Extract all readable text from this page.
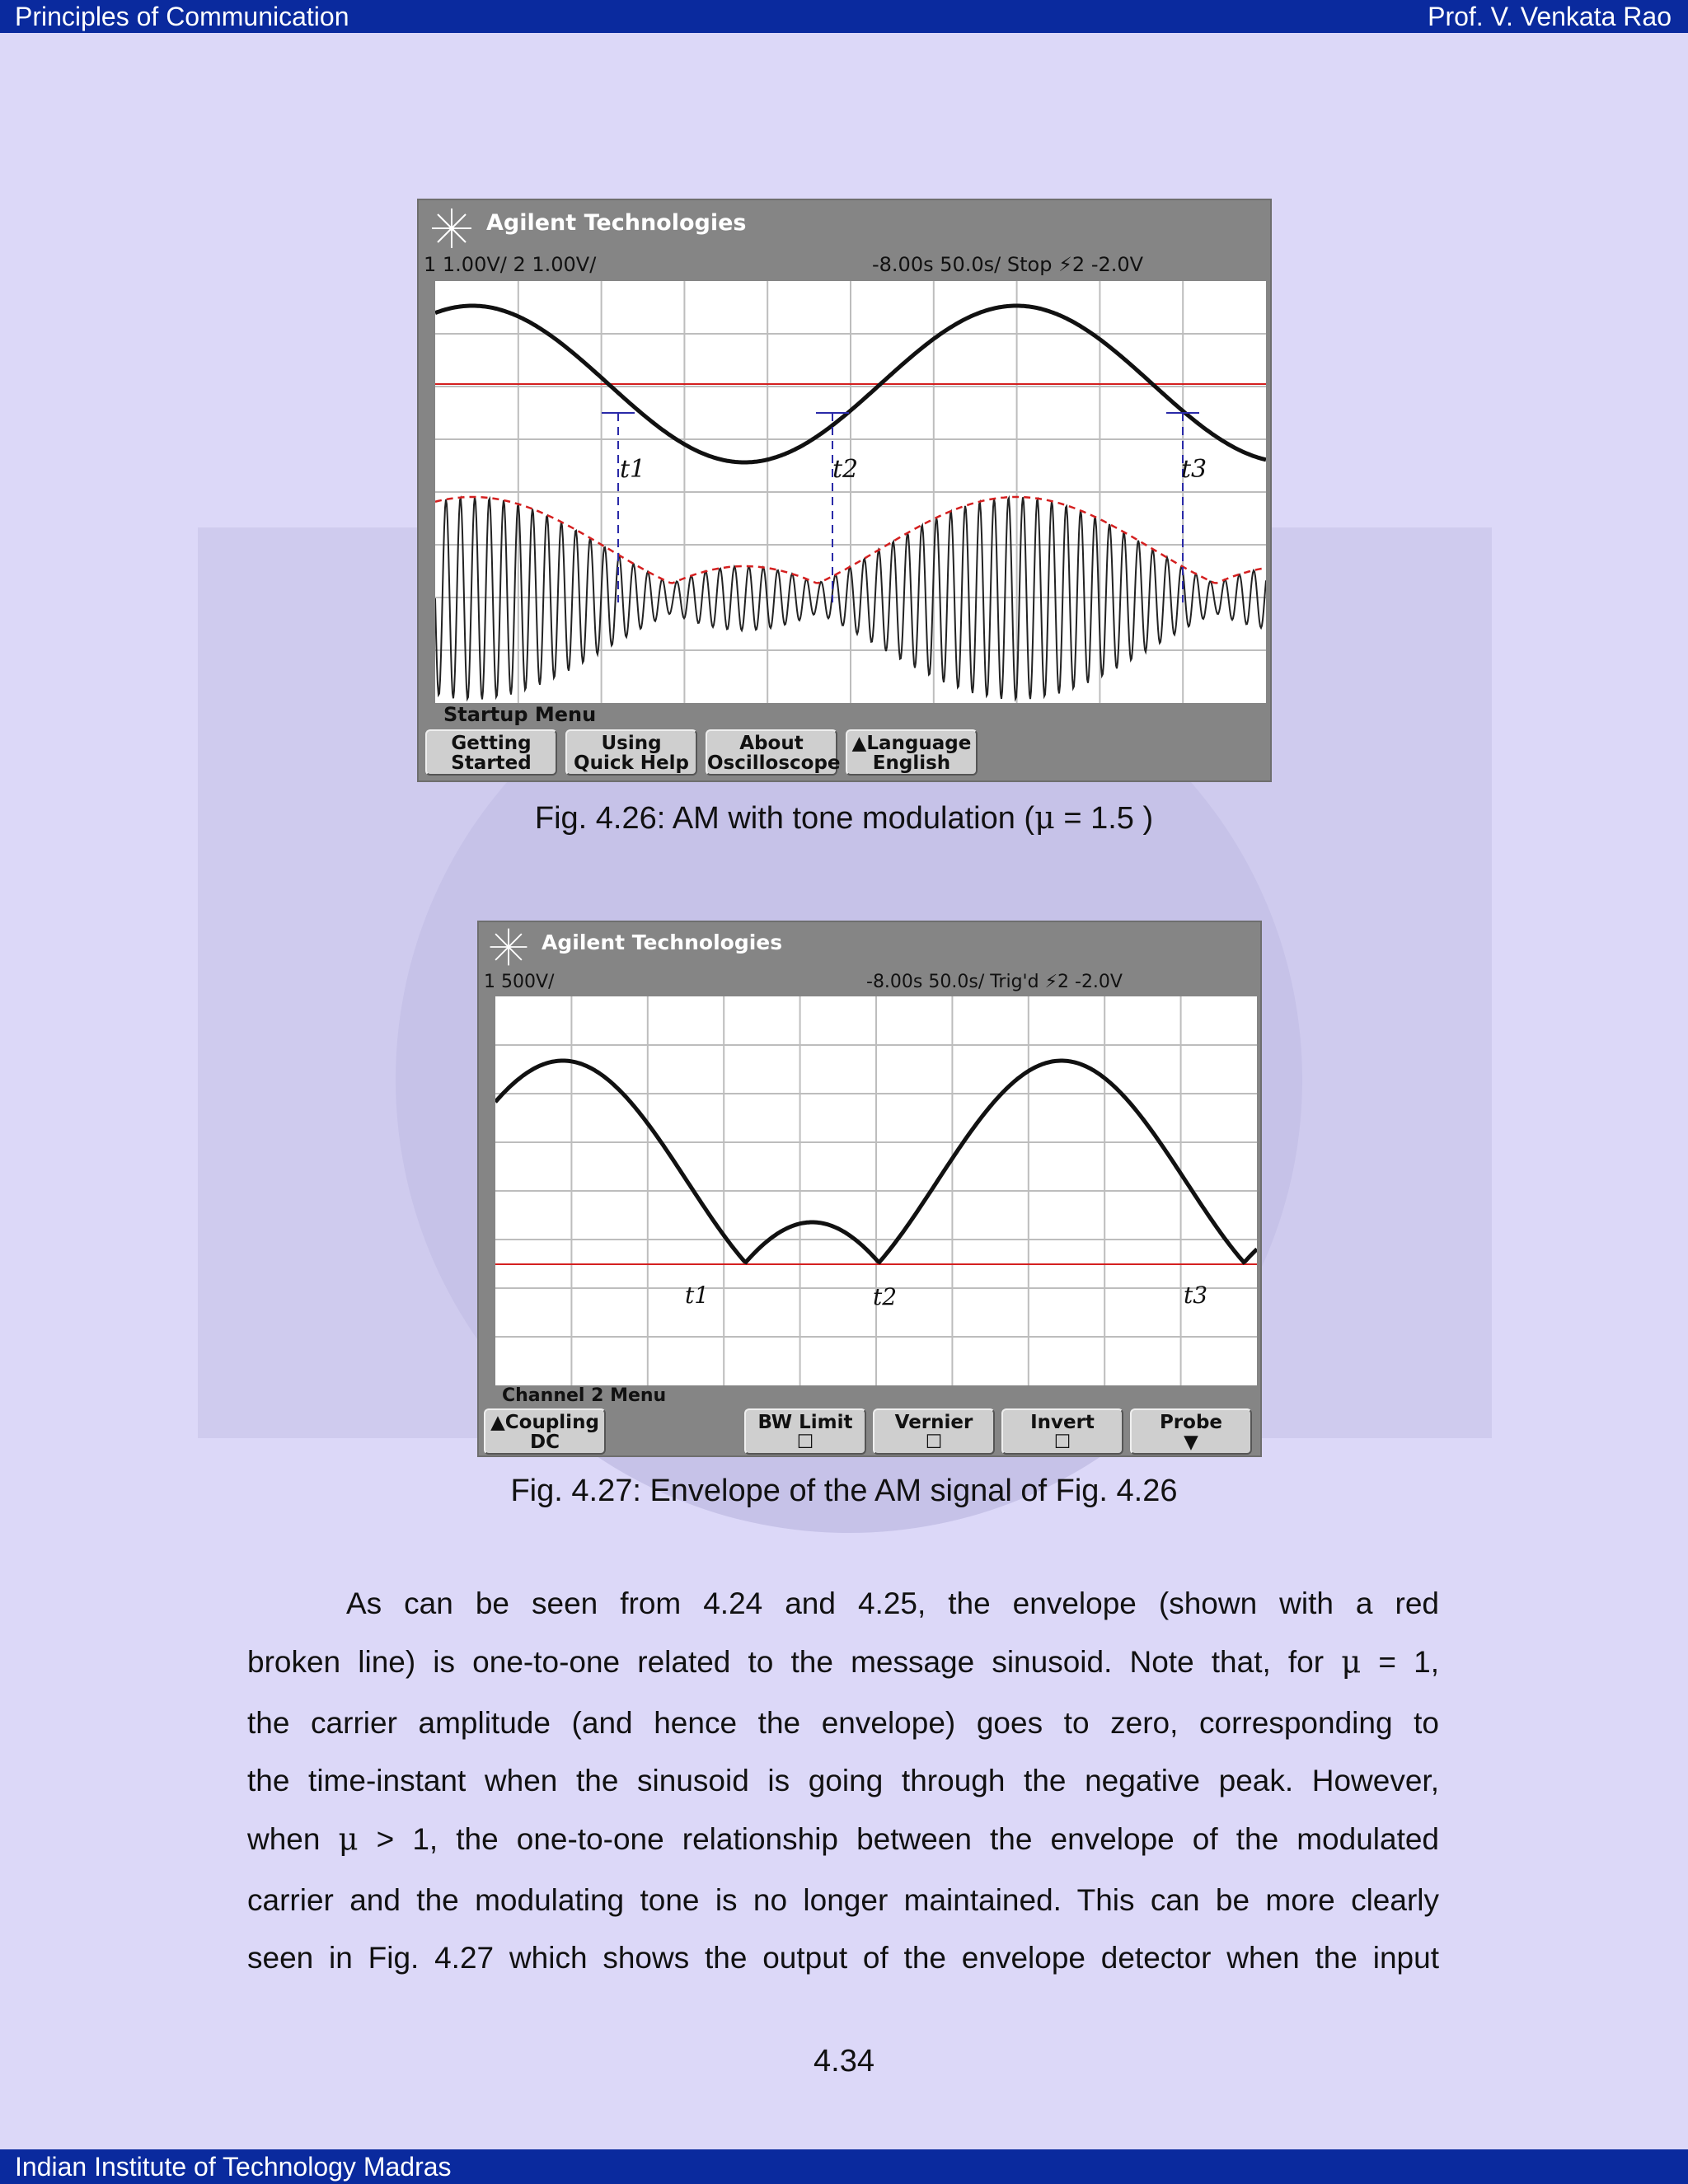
Principles of Communication	Prof. V. Venkata Rao
Agilent Technologies
1 1.00V/ 2 1.00V/	-8.00s 50.0s/ Stop ⚡2 -2.0V
t1	t2	t3
Startup Menu
Getting
Started
Using
Quick Help
About
Oscilloscope
▲Language
English
Fig. 4.26: AM with tone modulation (μ = 1.5 )
Agilent Technologies
1 500V/	-8.00s 50.0s/ Trig'd ⚡2 -2.0V
t1	t2	t3
Channel 2 Menu
▲Coupling
DC
BW Limit
☐
Vernier
☐
Invert
☐
Probe
▼
Fig. 4.27: Envelope of the AM signal of Fig. 4.26
As can be seen from 4.24 and 4.25, the envelope (shown with a red
broken line) is one-to-one related to the message sinusoid. Note that, for μ = 1,
the carrier amplitude (and hence the envelope) goes to zero, corresponding to
the time-instant when the sinusoid is going through the negative peak. However,
when μ > 1, the one-to-one relationship between the envelope of the modulated
carrier and the modulating tone is no longer maintained. This can be more clearly
seen in Fig. 4.27 which shows the output of the envelope detector when the input
4.34
Indian Institute of Technology Madras
